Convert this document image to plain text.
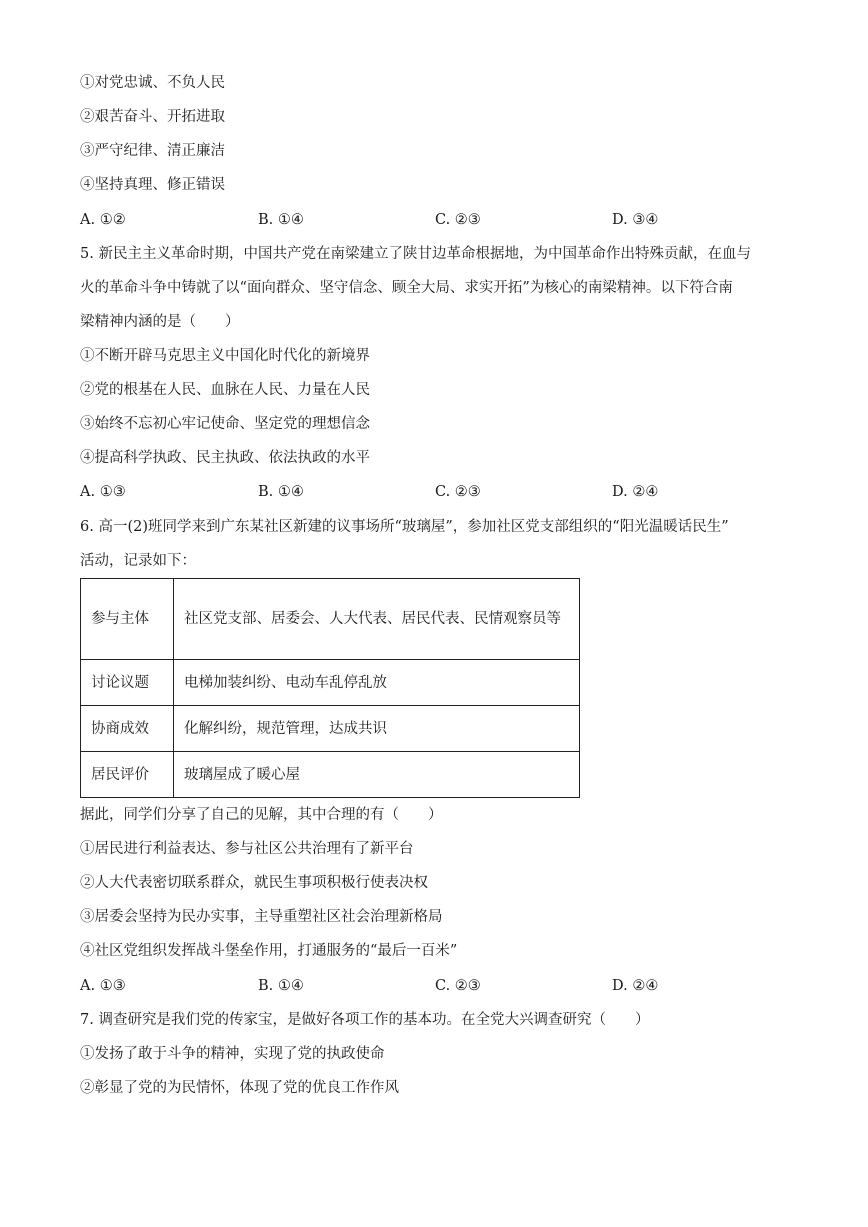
①对党忠诚、不负人民
②艰苦奋斗、开拓进取
③严守纪律、清正廉洁
④坚持真理、修正错误
A. ①②	B. ①④	C. ②③	D. ③④
5. 新民主主义革命时期，中国共产党在南梁建立了陕甘边革命根据地，为中国革命作出特殊贡献，在血与
火的革命斗争中铸就了以“面向群众、坚守信念、顾全大局、求实开拓”为核心的南梁精神。以下符合南
梁精神内涵的是（　　）
①不断开辟马克思主义中国化时代化的新境界
②党的根基在人民、血脉在人民、力量在人民
③始终不忘初心牢记使命、坚定党的理想信念
④提高科学执政、民主执政、依法执政的水平
A. ①③	B. ①④	C. ②③	D. ②④
6. 高一(2)班同学来到广东某社区新建的议事场所“玻璃屋”，参加社区党支部组织的“阳光温暖话民生”
活动，记录如下：
参与主体	社区党支部、居委会、人大代表、居民代表、民情观察员等
讨论议题	电梯加装纠纷、电动车乱停乱放
协商成效	化解纠纷，规范管理，达成共识
居民评价	玻璃屋成了暖心屋
据此，同学们分享了自己的见解，其中合理的有（　　）
①居民进行利益表达、参与社区公共治理有了新平台
②人大代表密切联系群众，就民生事项积极行使表决权
③居委会坚持为民办实事，主导重塑社区社会治理新格局
④社区党组织发挥战斗堡垒作用，打通服务的“最后一百米”
A. ①③	B. ①④	C. ②③	D. ②④
7. 调查研究是我们党的传家宝，是做好各项工作的基本功。在全党大兴调查研究（　　）
①发扬了敢于斗争的精神，实现了党的执政使命
②彰显了党的为民情怀，体现了党的优良工作作风
